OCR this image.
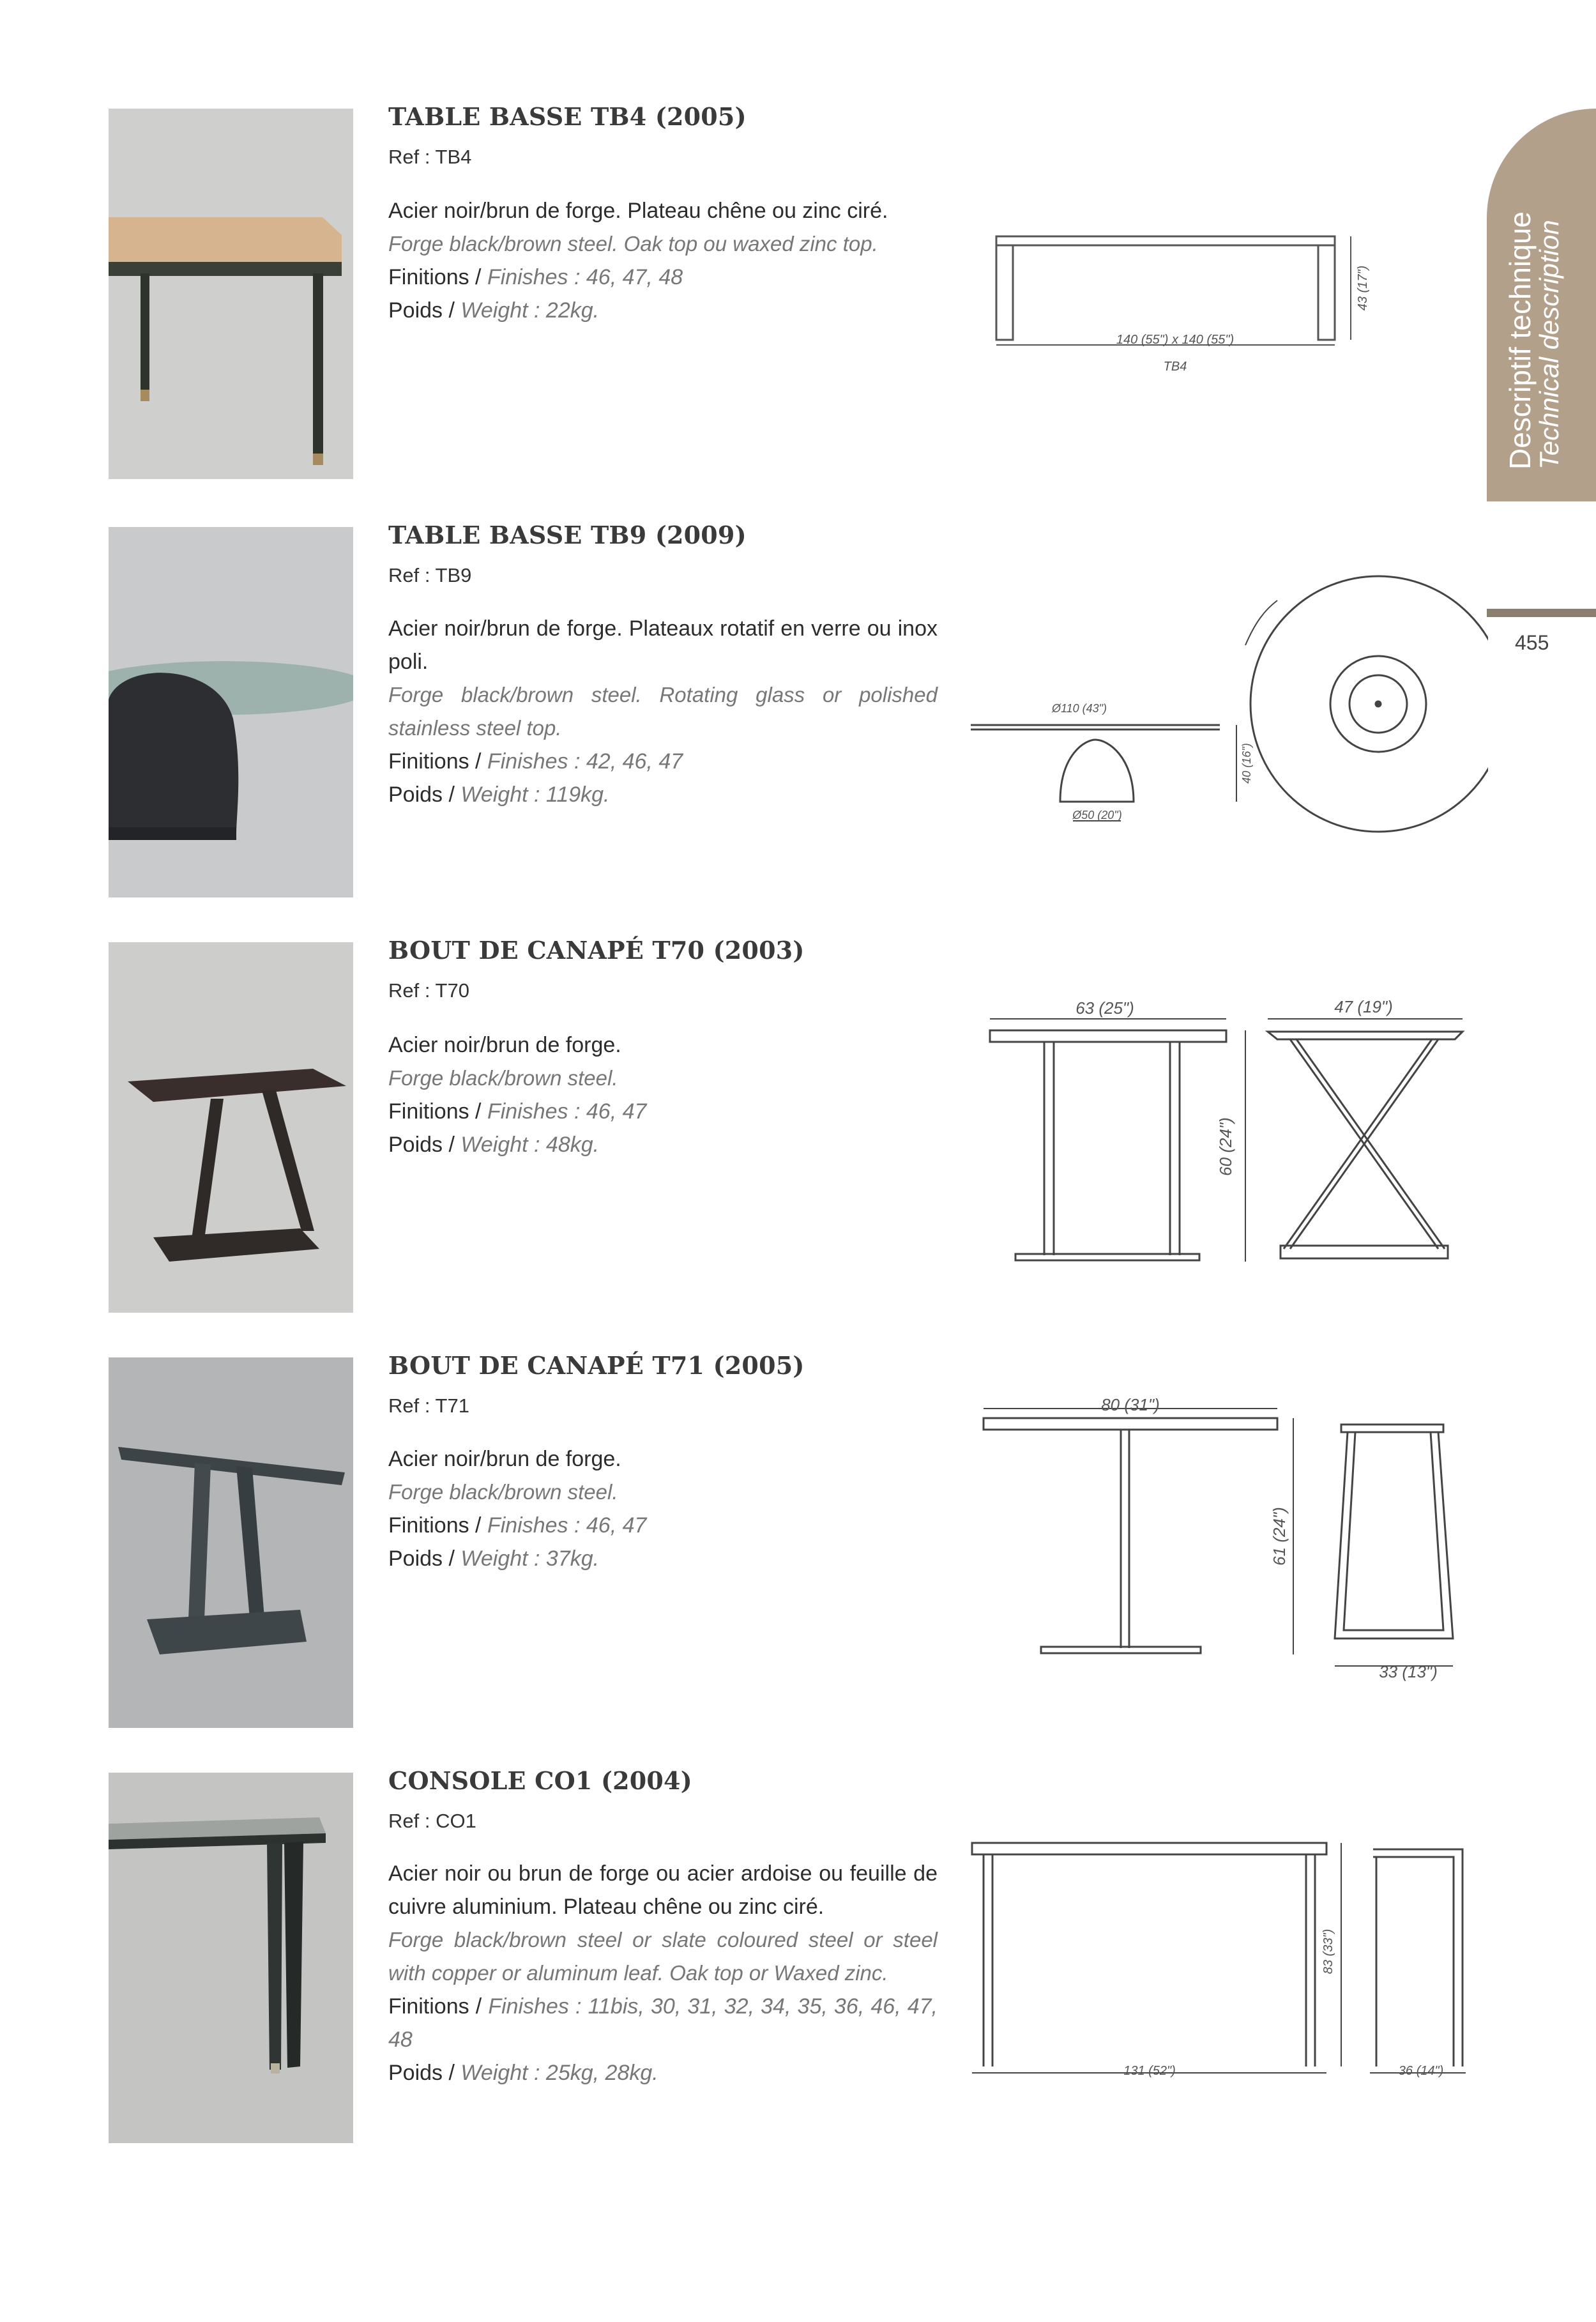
Descriptif technique
Technical description
455
TABLE BASSE TB4 (2005)
Ref : TB4

Acier noir/brun de forge. Plateau chêne ou zinc ciré.

Forge black/brown steel. Oak top ou waxed zinc top.

Finitions / Finishes : 46, 47, 48

Poids / Weight : 22kg.

140 (55") x 140 (55")
TB4
43 (17")
TABLE BASSE TB9 (2009)
Ref : TB9

Acier noir/brun de forge. Plateaux rotatif en verre ou inox poli.

Forge black/brown steel. Rotating glass or polished stainless steel top.

Finitions / Finishes : 42, 46, 47

Poids / Weight : 119kg.

Ø110 (43")
Ø50 (20")
40 (16")
BOUT DE CANAPÉ T70 (2003)
Ref : T70

Acier noir/brun de forge.

Forge black/brown steel.

Finitions / Finishes : 46, 47

Poids / Weight : 48kg.

63 (25")	47 (19")
60 (24")
BOUT DE CANAPÉ T71 (2005)
Ref : T71

Acier noir/brun de forge.

Forge black/brown steel.

Finitions / Finishes : 46, 47

Poids / Weight : 37kg.

80 (31")
33 (13")
61 (24")
CONSOLE CO1 (2004)
Ref : CO1

Acier noir ou brun de forge ou acier ardoise ou feuille de cuivre aluminium. Plateau chêne ou zinc ciré.

Forge black/brown steel or slate coloured steel or steel with copper or aluminum leaf. Oak top or Waxed zinc.

Finitions / Finishes : 11bis, 30, 31, 32, 34, 35, 36, 46, 47, 48

Poids / Weight : 25kg, 28kg.	131 (52")	36 (14")
83 (33")
